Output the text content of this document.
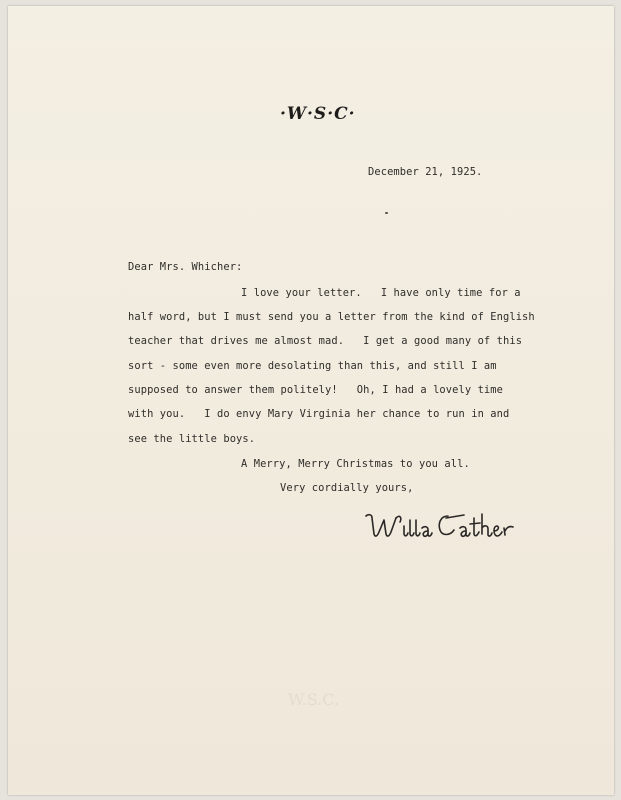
·W·S·C·
December 21, 1925.
Dear Mrs. Whicher:
I love your letter.   I have only time for a
half word, but I must send you a letter from the kind of English
teacher that drives me almost mad.   I get a good many of this
sort - some even more desolating than this, and still I am
supposed to answer them politely!   Oh, I had a lovely time
with you.   I do envy Mary Virginia her chance to run in and
see the little boys.
A Merry, Merry Christmas to you all.
Very cordially yours,
W.S.C.
